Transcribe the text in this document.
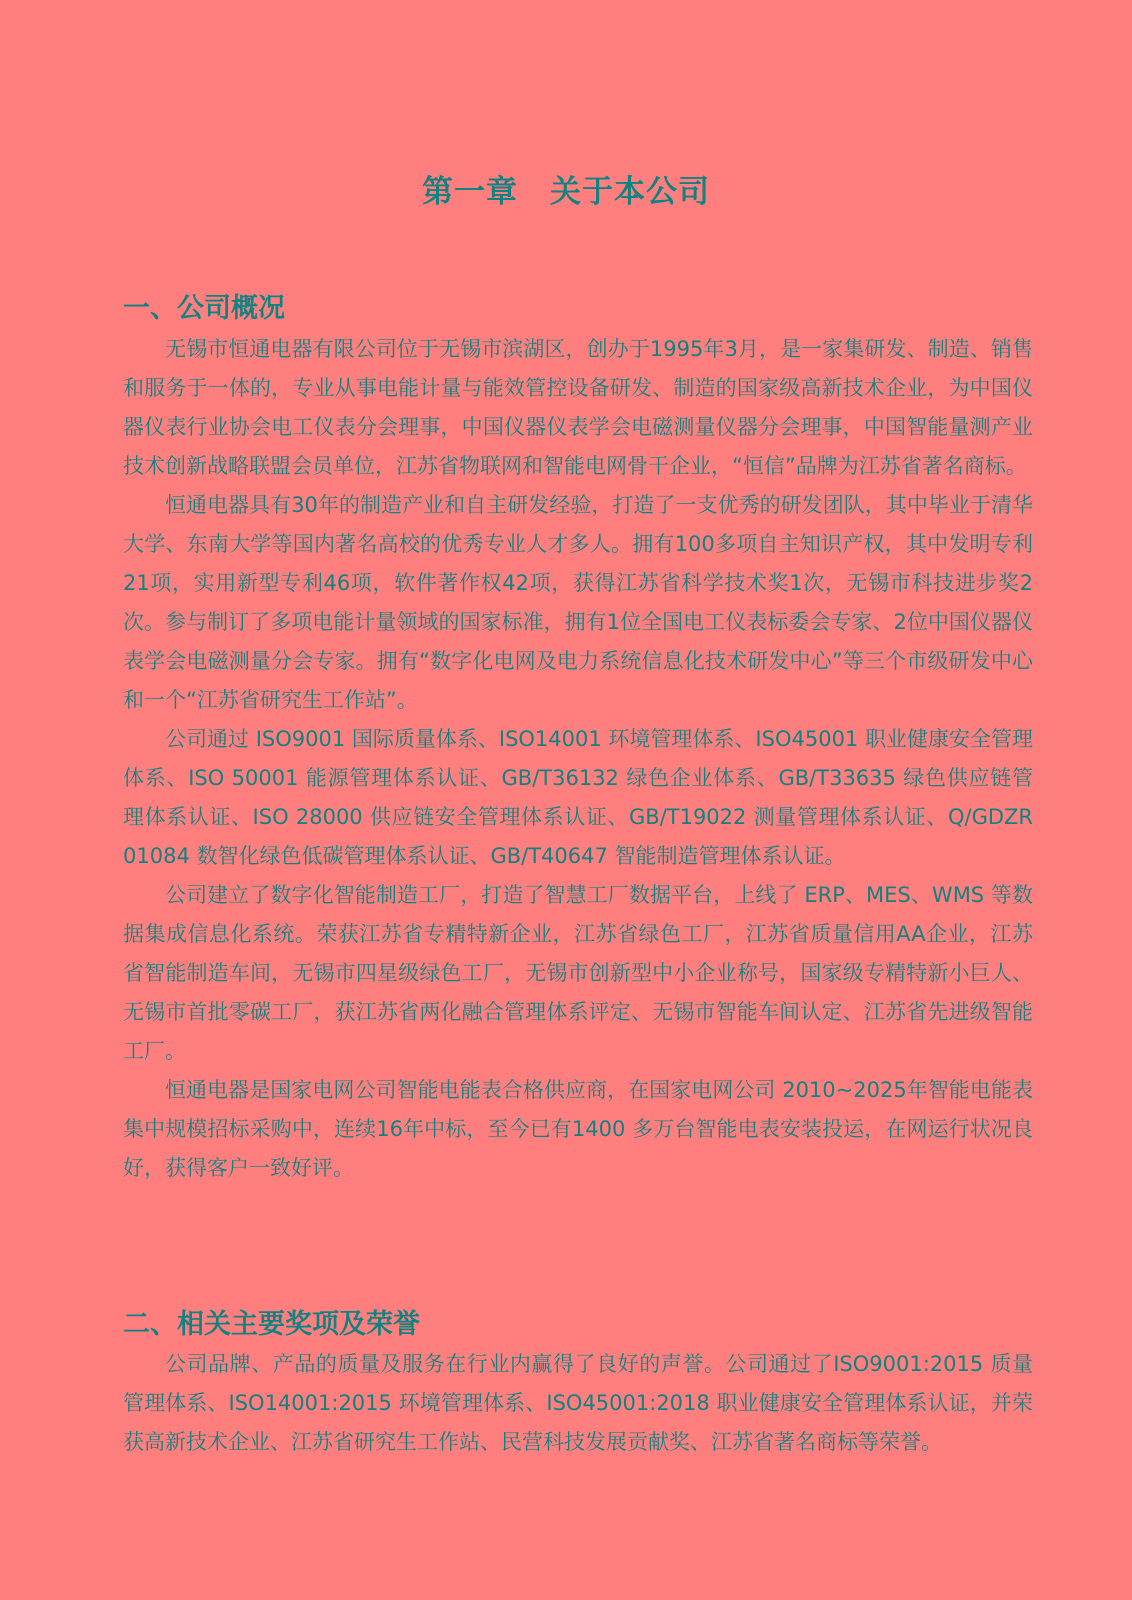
第一章　关于本公司
一、公司概况

无锡市恒通电器有限公司位于无锡市滨湖区，创办于1995年3月，是一家集研发、制造、销售和服务于一体的，专业从事电能计量与能效管控设备研发、制造的国家级高新技术企业，为中国仪器仪表行业协会电工仪表分会理事，中国仪器仪表学会电磁测量仪器分会理事，中国智能量测产业技术创新战略联盟会员单位，江苏省物联网和智能电网骨干企业，“恒信”品牌为江苏省著名商标。

恒通电器具有30年的制造产业和自主研发经验，打造了一支优秀的研发团队，其中毕业于清华大学、东南大学等国内著名高校的优秀专业人才多人。拥有100多项自主知识产权，其中发明专利21项，实用新型专利46项，软件著作权42项，获得江苏省科学技术奖1次，无锡市科技进步奖2次。参与制订了多项电能计量领域的国家标准，拥有1位全国电工仪表标委会专家、2位中国仪器仪表学会电磁测量分会专家。拥有“数字化电网及电力系统信息化技术研发中心”等三个市级研发中心和一个“江苏省研究生工作站”。

公司通过 ISO9001 国际质量体系、ISO14001 环境管理体系、ISO45001 职业健康安全管理体系、ISO 50001 能源管理体系认证、GB/T36132 绿色企业体系、GB/T33635 绿色供应链管理体系认证、ISO 28000 供应链安全管理体系认证、GB/T19022 测量管理体系认证、Q/GDZR 01084 数智化绿色低碳管理体系认证、GB/T40647 智能制造管理体系认证。

公司建立了数字化智能制造工厂，打造了智慧工厂数据平台，上线了 ERP、MES、WMS 等数据集成信息化系统。荣获江苏省专精特新企业，江苏省绿色工厂，江苏省质量信用AA企业，江苏省智能制造车间，无锡市四星级绿色工厂，无锡市创新型中小企业称号，国家级专精特新小巨人、无锡市首批零碳工厂，获江苏省两化融合管理体系评定、无锡市智能车间认定、江苏省先进级智能工厂。

恒通电器是国家电网公司智能电能表合格供应商，在国家电网公司 2010~2025年智能电能表集中规模招标采购中，连续16年中标，至今已有1400 多万台智能电表安装投运，在网运行状况良好，获得客户一致好评。

二、相关主要奖项及荣誉

公司品牌、产品的质量及服务在行业内赢得了良好的声誉。公司通过了ISO9001:2015 质量管理体系、ISO14001:2015 环境管理体系、ISO45001:2018 职业健康安全管理体系认证，并荣获高新技术企业、江苏省研究生工作站、民营科技发展贡献奖、江苏省著名商标等荣誉。
